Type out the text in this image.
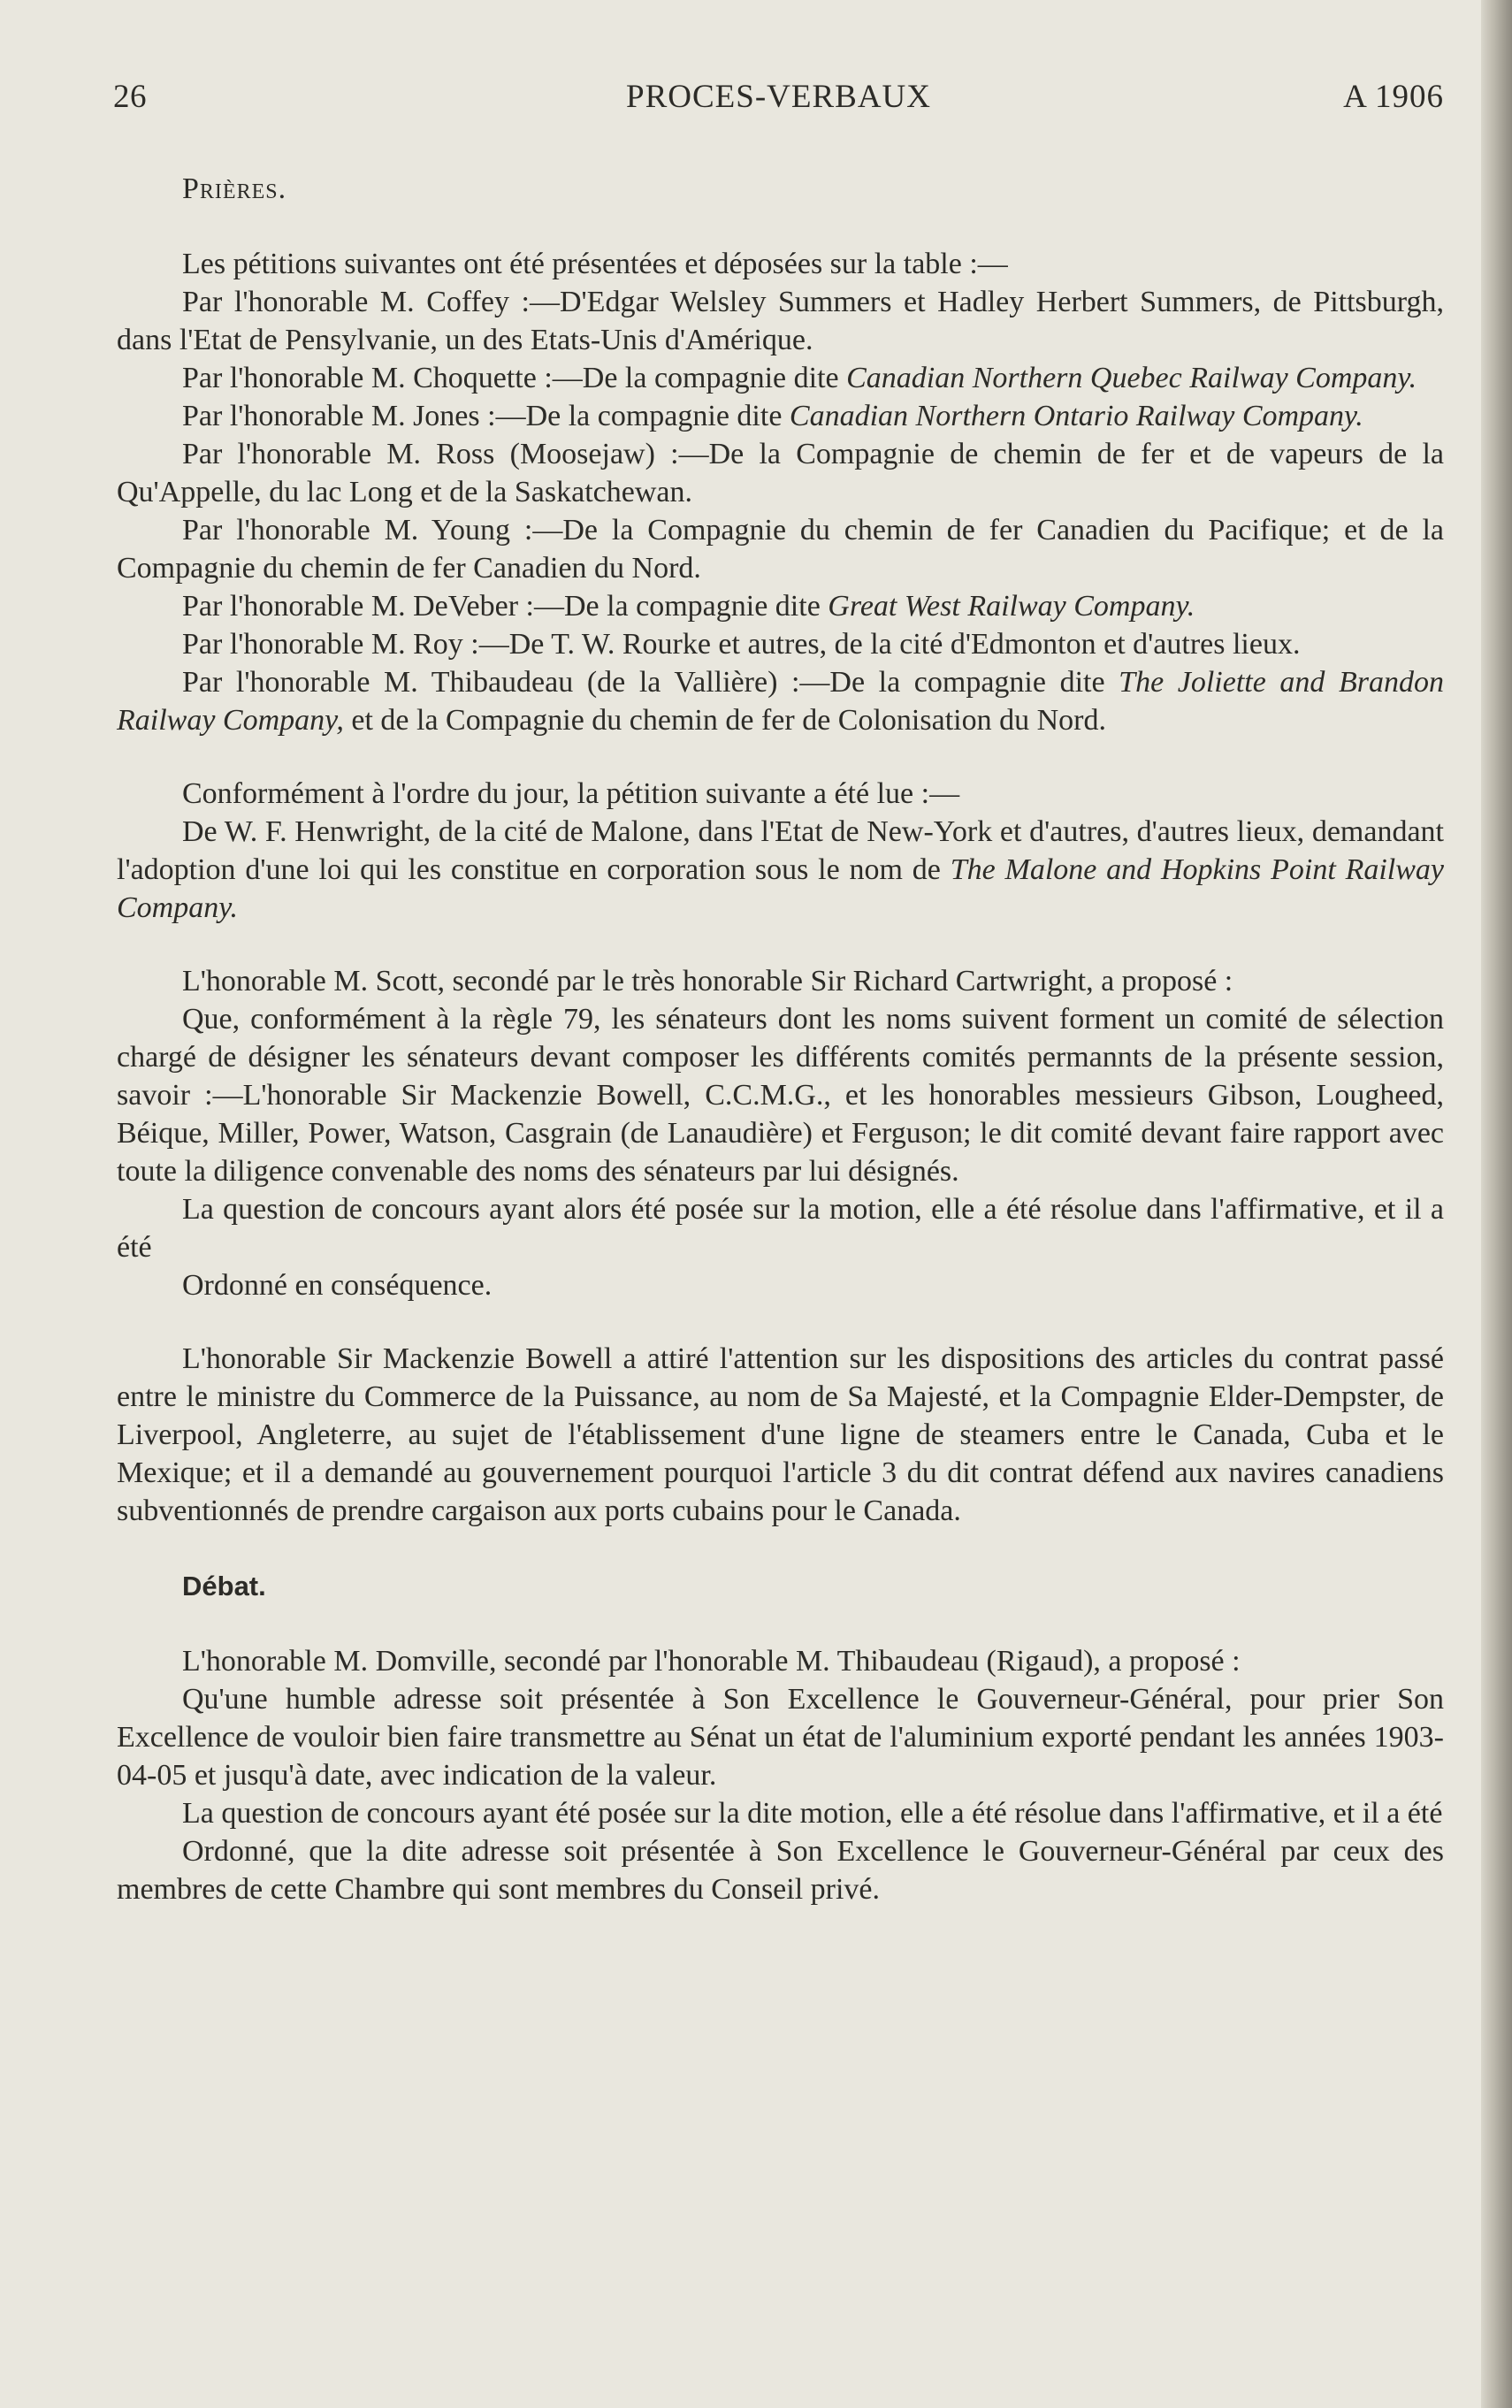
26	PROCES-VERBAUX	A 1906

Prières.

Les pétitions suivantes ont été présentées et déposées sur la table :—

Par l'honorable M. Coffey :—D'Edgar Welsley Summers et Hadley Herbert Summers, de Pittsburgh, dans l'Etat de Pensylvanie, un des Etats-Unis d'Amérique.

Par l'honorable M. Choquette :—De la compagnie dite Canadian Northern Quebec Railway Company.

Par l'honorable M. Jones :—De la compagnie dite Canadian Northern Ontario Railway Company.

Par l'honorable M. Ross (Moosejaw) :—De la Compagnie de chemin de fer et de vapeurs de la Qu'Appelle, du lac Long et de la Saskatchewan.

Par l'honorable M. Young :—De la Compagnie du chemin de fer Canadien du Pacifique; et de la Compagnie du chemin de fer Canadien du Nord.

Par l'honorable M. DeVeber :—De la compagnie dite Great West Railway Company.

Par l'honorable M. Roy :—De T. W. Rourke et autres, de la cité d'Edmonton et d'autres lieux.

Par l'honorable M. Thibaudeau (de la Vallière) :—De la compagnie dite The Joliette and Brandon Railway Company, et de la Compagnie du chemin de fer de Colonisation du Nord.

Conformément à l'ordre du jour, la pétition suivante a été lue :—

De W. F. Henwright, de la cité de Malone, dans l'Etat de New-York et d'autres, d'autres lieux, demandant l'adoption d'une loi qui les constitue en corporation sous le nom de The Malone and Hopkins Point Railway Company.

L'honorable M. Scott, secondé par le très honorable Sir Richard Cartwright, a proposé :

Que, conformément à la règle 79, les sénateurs dont les noms suivent forment un comité de sélection chargé de désigner les sénateurs devant composer les différents comités permannts de la présente session, savoir :—L'honorable Sir Mackenzie Bowell, C.C.M.G., et les honorables messieurs Gibson, Lougheed, Béique, Miller, Power, Watson, Casgrain (de Lanaudière) et Ferguson; le dit comité devant faire rapport avec toute la diligence convenable des noms des sénateurs par lui désignés.

La question de concours ayant alors été posée sur la motion, elle a été résolue dans l'affirmative, et il a été

Ordonné en conséquence.

L'honorable Sir Mackenzie Bowell a attiré l'attention sur les dispositions des articles du contrat passé entre le ministre du Commerce de la Puissance, au nom de Sa Majesté, et la Compagnie Elder-Dempster, de Liverpool, Angleterre, au sujet de l'établissement d'une ligne de steamers entre le Canada, Cuba et le Mexique; et il a demandé au gouvernement pourquoi l'article 3 du dit contrat défend aux navires canadiens subventionnés de prendre cargaison aux ports cubains pour le Canada.

Débat.

L'honorable M. Domville, secondé par l'honorable M. Thibaudeau (Rigaud), a proposé :

Qu'une humble adresse soit présentée à Son Excellence le Gouverneur-Général, pour prier Son Excellence de vouloir bien faire transmettre au Sénat un état de l'aluminium exporté pendant les années 1903-04-05 et jusqu'à date, avec indication de la valeur.

La question de concours ayant été posée sur la dite motion, elle a été résolue dans l'affirmative, et il a été

Ordonné, que la dite adresse soit présentée à Son Excellence le Gouverneur-Général par ceux des membres de cette Chambre qui sont membres du Conseil privé.
